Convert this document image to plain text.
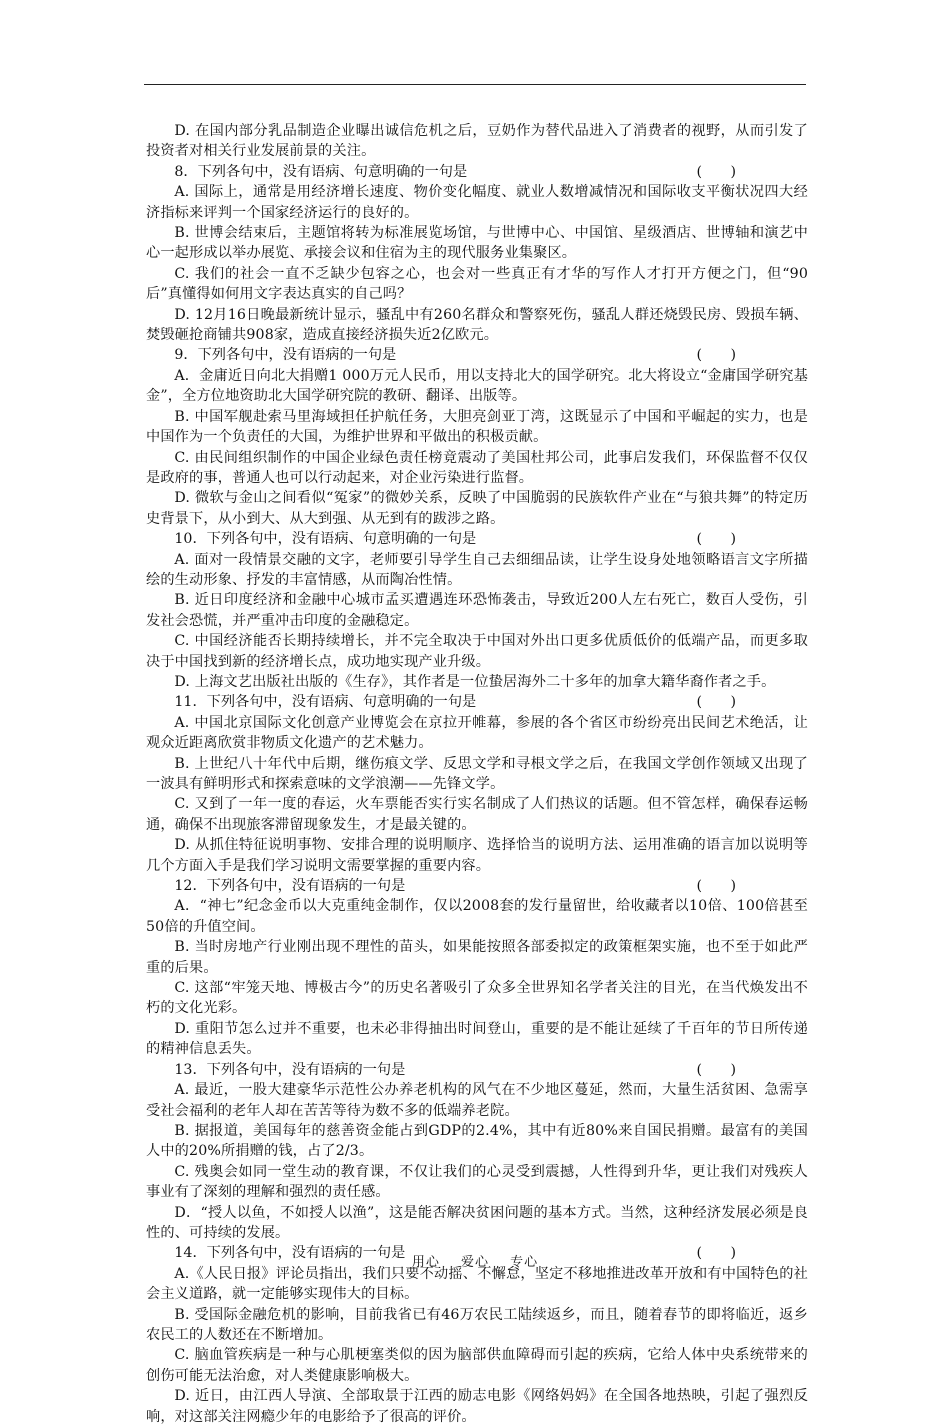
D. 在国内部分乳品制造企业曝出诚信危机之后，豆奶作为替代品进入了消费者的视野，从而引发了投资者对相关行业发展前景的关注。

8．下列各句中，没有语病、句意明确的一句是	(　　)

A. 国际上，通常是用经济增长速度、物价变化幅度、就业人数增减情况和国际收支平衡状况四大经济指标来评判一个国家经济运行的良好的。

B. 世博会结束后，主题馆将转为标准展览场馆，与世博中心、中国馆、星级酒店、世博轴和演艺中心一起形成以举办展览、承接会议和住宿为主的现代服务业集聚区。

C. 我们的社会一直不乏缺少包容之心，也会对一些真正有才华的写作人才打开方便之门，但“90后”真懂得如何用文字表达真实的自己吗？

D. 12月16日晚最新统计显示，骚乱中有260名群众和警察死伤，骚乱人群还烧毁民房、毁损车辆、焚毁砸抢商铺共908家，造成直接经济损失近2亿欧元。

9．下列各句中，没有语病的一句是	(　　)

A．金庸近日向北大捐赠1 000万元人民币，用以支持北大的国学研究。北大将设立“金庸国学研究基金”，全方位地资助北大国学研究院的教研、翻译、出版等。

B. 中国军舰赴索马里海域担任护航任务，大胆亮剑亚丁湾，这既显示了中国和平崛起的实力，也是中国作为一个负责任的大国，为维护世界和平做出的积极贡献。

C. 由民间组织制作的中国企业绿色责任榜竟震动了美国杜邦公司，此事启发我们，环保监督不仅仅是政府的事，普通人也可以行动起来，对企业污染进行监督。

D. 微软与金山之间看似“冤家”的微妙关系，反映了中国脆弱的民族软件产业在“与狼共舞”的特定历史背景下，从小到大、从大到强、从无到有的跋涉之路。

10．下列各句中，没有语病、句意明确的一句是	(　　)

A. 面对一段情景交融的文字，老师要引导学生自己去细细品读，让学生设身处地领略语言文字所描绘的生动形象、抒发的丰富情感，从而陶冶性情。

B. 近日印度经济和金融中心城市孟买遭遇连环恐怖袭击，导致近200人左右死亡，数百人受伤，引发社会恐慌，并严重冲击印度的金融稳定。

C. 中国经济能否长期持续增长，并不完全取决于中国对外出口更多优质低价的低端产品，而更多取决于中国找到新的经济增长点，成功地实现产业升级。

D. 上海文艺出版社出版的《生存》，其作者是一位蛰居海外二十多年的加拿大籍华裔作者之手。

11．下列各句中，没有语病、句意明确的一句是	(　　)

A. 中国北京国际文化创意产业博览会在京拉开帷幕，参展的各个省区市纷纷亮出民间艺术绝活，让观众近距离欣赏非物质文化遗产的艺术魅力。

B. 上世纪八十年代中后期，继伤痕文学、反思文学和寻根文学之后，在我国文学创作领域又出现了一波具有鲜明形式和探索意味的文学浪潮——先锋文学。

C. 又到了一年一度的春运，火车票能否实行实名制成了人们热议的话题。但不管怎样，确保春运畅通，确保不出现旅客滞留现象发生，才是最关键的。

D. 从抓住特征说明事物、安排合理的说明顺序、选择恰当的说明方法、运用准确的语言加以说明等几个方面入手是我们学习说明文需要掌握的重要内容。

12．下列各句中，没有语病的一句是	(　　)

A．“神七”纪念金币以大克重纯金制作，仅以2008套的发行量留世，给收藏者以10倍、100倍甚至50倍的升值空间。

B. 当时房地产行业刚出现不理性的苗头，如果能按照各部委拟定的政策框架实施，也不至于如此严重的后果。

C. 这部“牢笼天地、博极古今”的历史名著吸引了众多全世界知名学者关注的目光，在当代焕发出不朽的文化光彩。

D. 重阳节怎么过并不重要，也未必非得抽出时间登山，重要的是不能让延续了千百年的节日所传递的精神信息丢失。

13．下列各句中，没有语病的一句是	(　　)

A. 最近，一股大建豪华示范性公办养老机构的风气在不少地区蔓延，然而，大量生活贫困、急需享受社会福利的老年人却在苦苦等待为数不多的低端养老院。

B. 据报道，美国每年的慈善资金能占到GDP的2.4%，其中有近80%来自国民捐赠。最富有的美国人中的20%所捐赠的钱，占了2/3。

C. 残奥会如同一堂生动的教育课，不仅让我们的心灵受到震撼，人性得到升华，更让我们对残疾人事业有了深刻的理解和强烈的责任感。

D．“授人以鱼，不如授人以渔”，这是能否解决贫困问题的基本方式。当然，这种经济发展必须是良性的、可持续的发展。

14．下列各句中，没有语病的一句是	(　　)

A.《人民日报》评论员指出，我们只要不动摇、不懈怠，坚定不移地推进改革开放和有中国特色的社会主义道路，就一定能够实现伟大的目标。

B. 受国际金融危机的影响，目前我省已有46万农民工陆续返乡，而且，随着春节的即将临近，返乡农民工的人数还在不断增加。

C. 脑血管疾病是一种与心肌梗塞类似的因为脑部供血障碍而引起的疾病，它给人体中央系统带来的创伤可能无法治愈，对人类健康影响极大。

D. 近日，由江西人导演、全部取景于江西的励志电影《网络妈妈》在全国各地热映，引起了强烈反响，对这部关注网瘾少年的电影给予了很高的评价。

用心 爱心 专心
